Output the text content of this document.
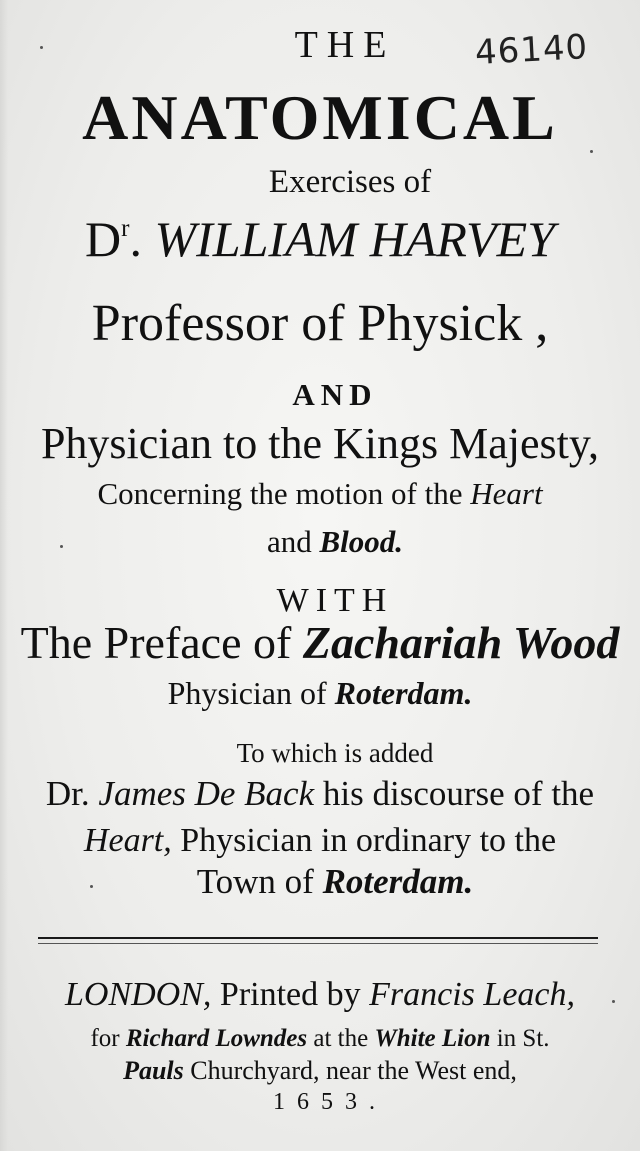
46140
THE
ANATOMICAL
Exercises of
$D^r$. WILLIAM HARVEY
Professor of Physick ,
AND
Physician to the Kings Majesty,
Concerning the motion of the Heart
and Blood.
WITH
The Preface of Zachariah Wood
Physician of Roterdam.
To which is added
Dr. James De Back his discourse of the
Heart, Physician in ordinary to the
Town of Roterdam.
LONDON, Printed by Francis Leach,
for Richard Lowndes at the White Lion in St.
Pauls Churchyard, near the West end,
1653.
